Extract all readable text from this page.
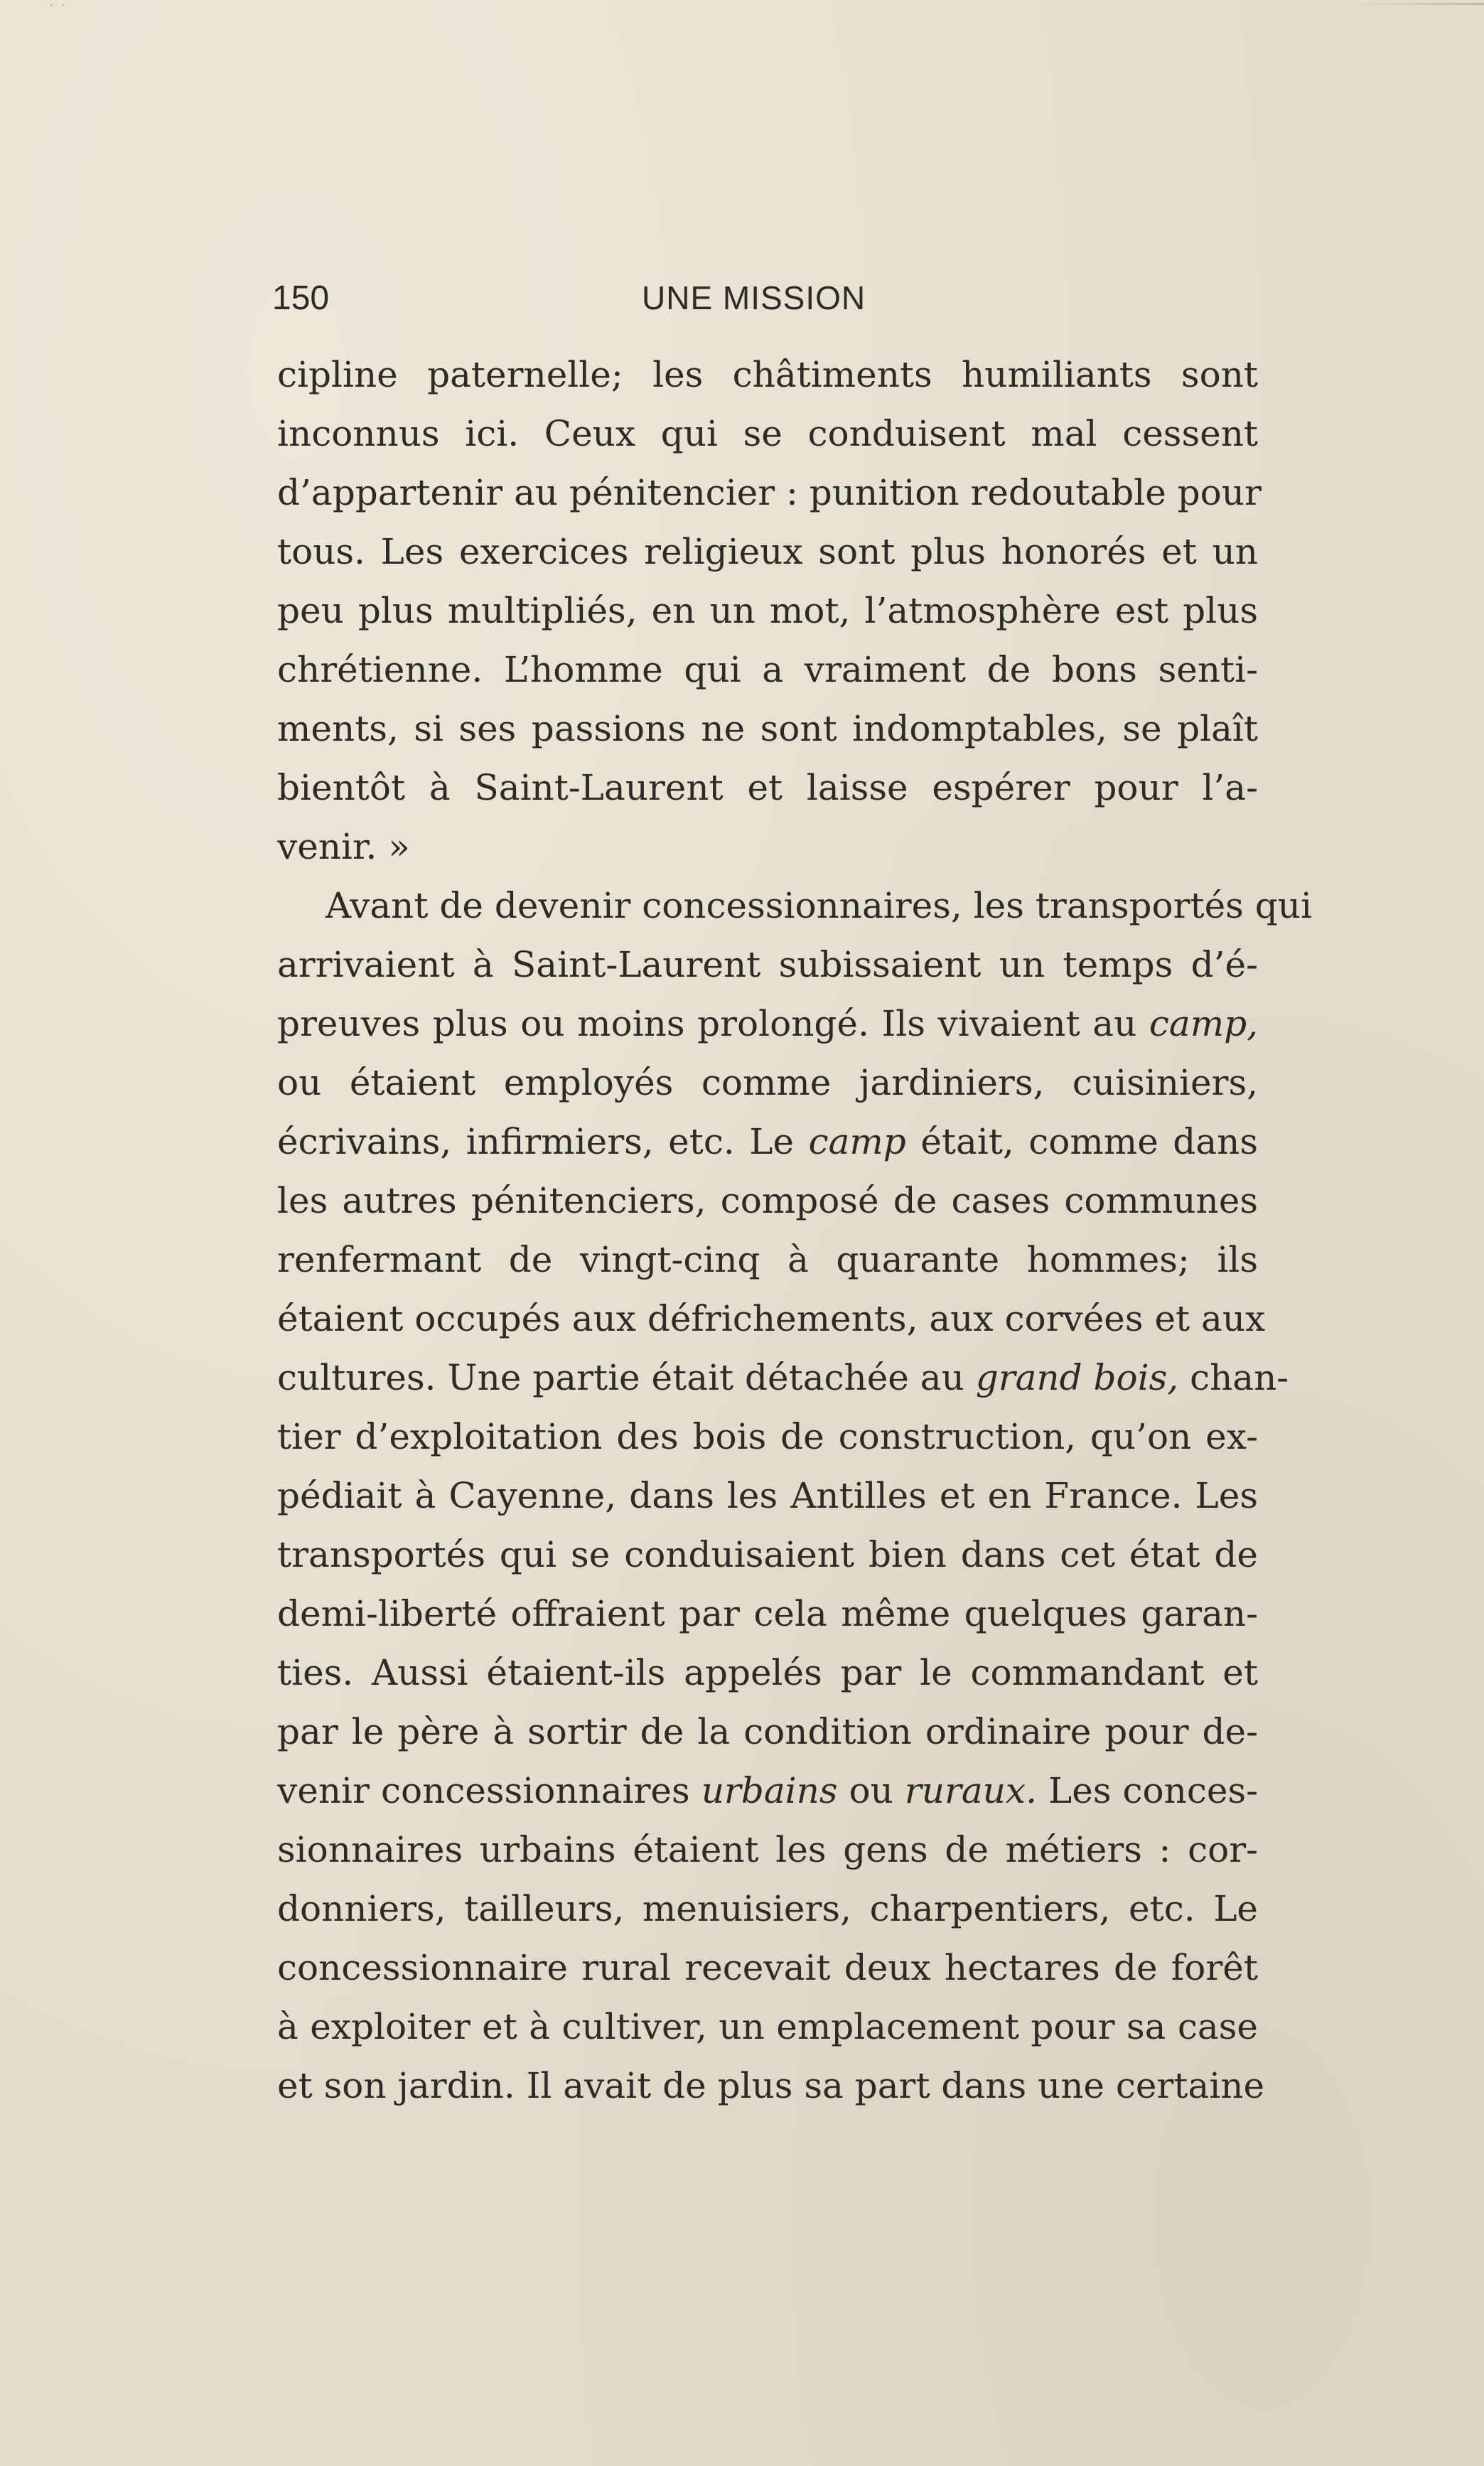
· ·
150	UNE MISSION
cipline paternelle; les châtiments humiliants sont
inconnus ici. Ceux qui se conduisent mal cessent
d’appartenir au pénitencier : punition redoutable pour
tous. Les exercices religieux sont plus honorés et un
peu plus multipliés, en un mot, l’atmosphère est plus
chrétienne. L’homme qui a vraiment de bons senti-
ments, si ses passions ne sont indomptables, se plaît
bientôt à Saint-Laurent et laisse espérer pour l’a-
venir. »
Avant de devenir concessionnaires, les transportés qui
arrivaient à Saint-Laurent subissaient un temps d’é-
preuves plus ou moins prolongé. Ils vivaient au camp,
ou étaient employés comme jardiniers, cuisiniers,
écrivains, infirmiers, etc. Le camp était, comme dans
les autres pénitenciers, composé de cases communes
renfermant de vingt-cinq à quarante hommes; ils
étaient occupés aux défrichements, aux corvées et aux
cultures. Une partie était détachée au grand bois, chan-
tier d’exploitation des bois de construction, qu’on ex-
pédiait à Cayenne, dans les Antilles et en France. Les
transportés qui se conduisaient bien dans cet état de
demi-liberté offraient par cela même quelques garan-
ties. Aussi étaient-ils appelés par le commandant et
par le père à sortir de la condition ordinaire pour de-
venir concessionnaires urbains ou ruraux. Les conces-
sionnaires urbains étaient les gens de métiers : cor-
donniers, tailleurs, menuisiers, charpentiers, etc. Le
concessionnaire rural recevait deux hectares de forêt
à exploiter et à cultiver, un emplacement pour sa case
et son jardin. Il avait de plus sa part dans une certaine
